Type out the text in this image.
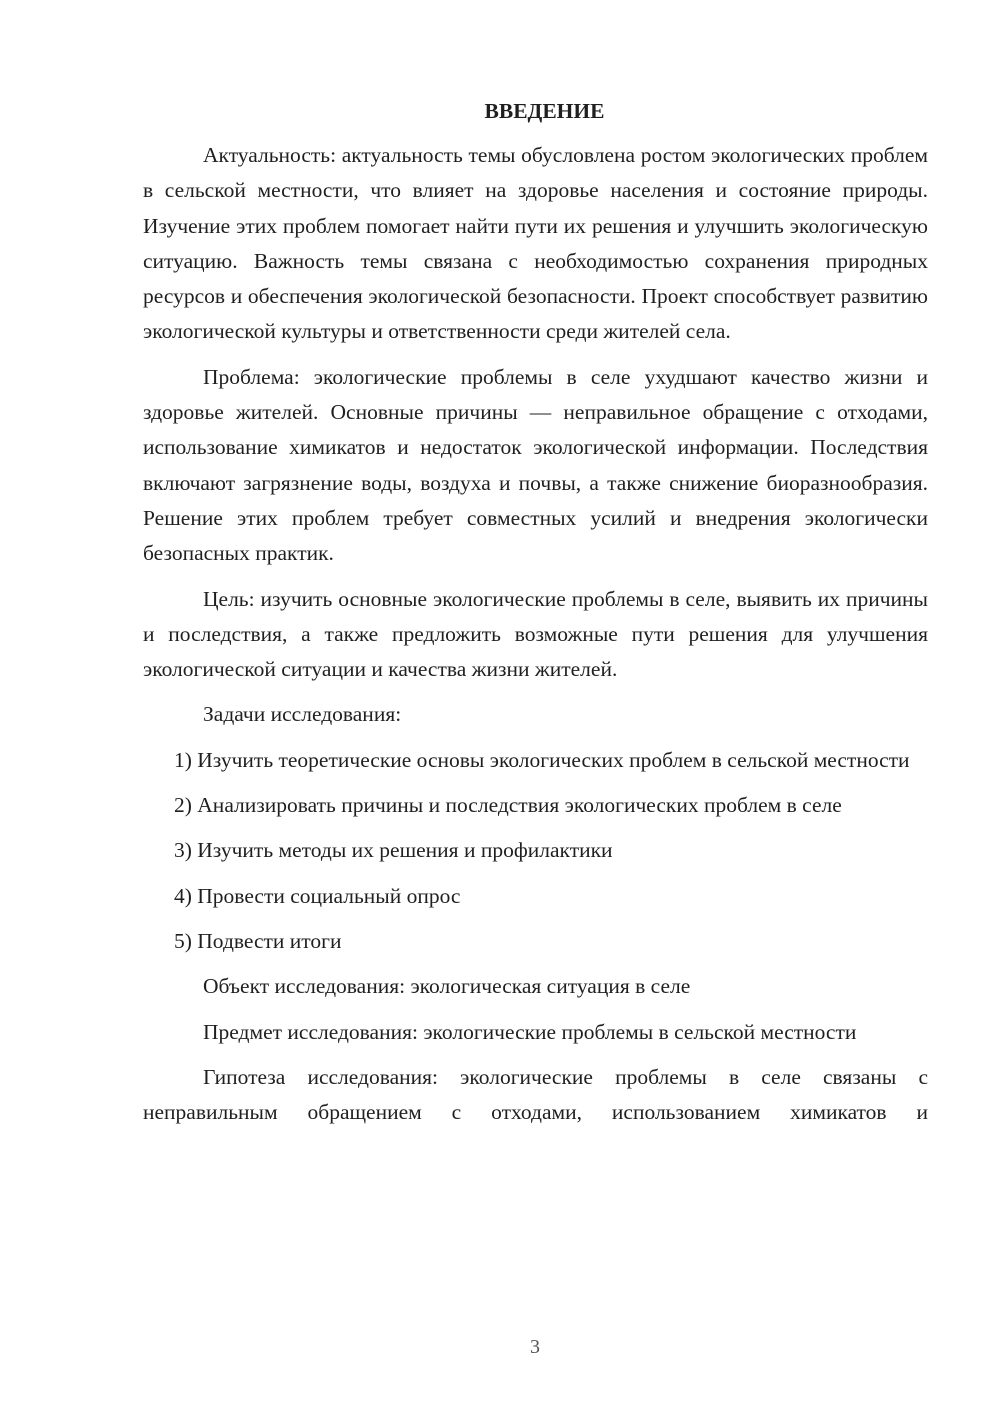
ВВЕДЕНИЕ

Актуальность: актуальность темы обусловлена ростом экологических проблем в сельской местности, что влияет на здоровье населения и состояние природы. Изучение этих проблем помогает найти пути их решения и улучшить экологическую ситуацию. Важность темы связана с необходимостью сохранения природных ресурсов и обеспечения экологической безопасности. Проект способствует развитию экологической культуры и ответственности среди жителей села.

Проблема: экологические проблемы в селе ухудшают качество жизни и здоровье жителей. Основные причины — неправильное обращение с отходами, использование химикатов и недостаток экологической информации. Последствия включают загрязнение воды, воздуха и почвы, а также снижение биоразнообразия. Решение этих проблем требует совместных усилий и внедрения экологически безопасных практик.

Цель: изучить основные экологические проблемы в селе, выявить их причины и последствия, а также предложить возможные пути решения для улучшения экологической ситуации и качества жизни жителей.

Задачи исследования:

1) Изучить теоретические основы экологических проблем в сельской местности

2) Анализировать причины и последствия экологических проблем в селе

3) Изучить методы их решения и профилактики

4) Провести социальный опрос

5) Подвести итоги

Объект исследования: экологическая ситуация в селе

Предмет исследования: экологические проблемы в сельской местности

Гипотеза исследования: экологические проблемы в селе связаны с неправильным обращением с отходами, использованием химикатов и

3
